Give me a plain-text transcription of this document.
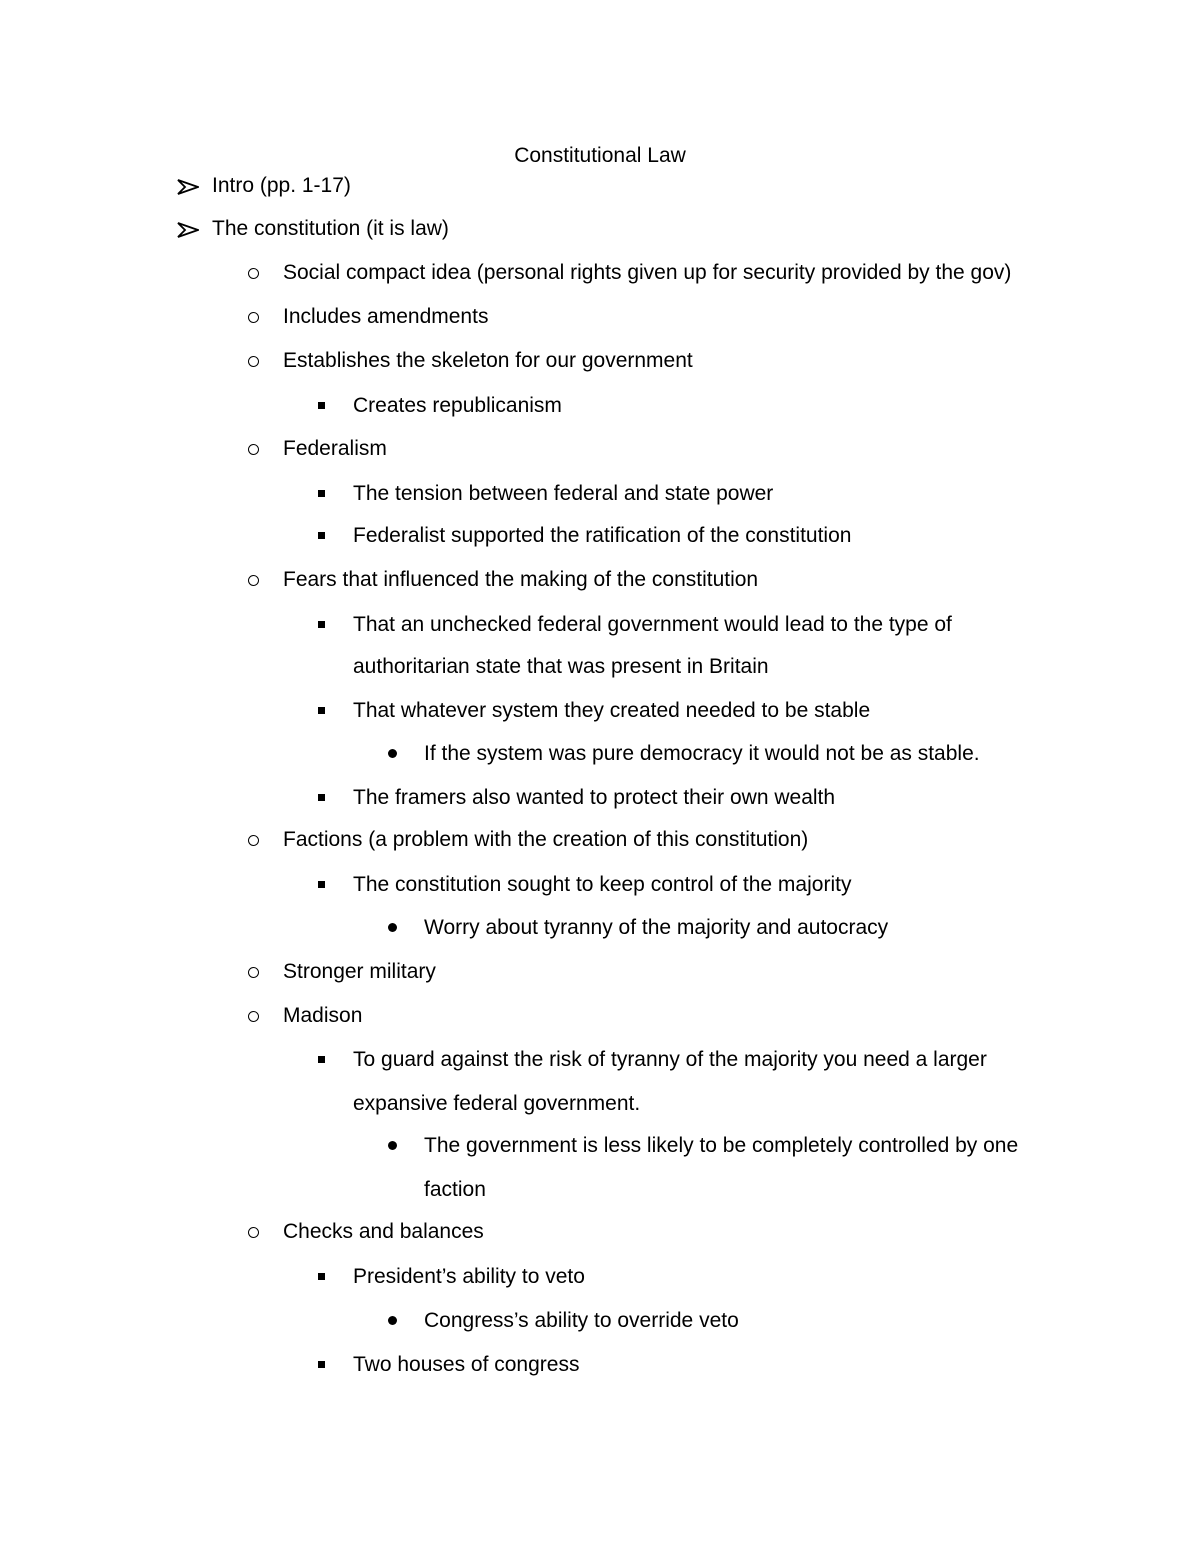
Constitutional Law
Intro (pp. 1-17)
The constitution (it is law)
Social compact idea (personal rights given up for security provided by the gov)
Includes amendments
Establishes the skeleton for our government
Creates republicanism
Federalism
The tension between federal and state power
Federalist supported the ratification of the constitution
Fears that influenced the making of the constitution
That an unchecked federal government would lead to the type of
authoritarian state that was present in Britain
That whatever system they created needed to be stable
If the system was pure democracy it would not be as stable.
The framers also wanted to protect their own wealth
Factions (a problem with the creation of this constitution)
The constitution sought to keep control of the majority
Worry about tyranny of the majority and autocracy
Stronger military
Madison
To guard against the risk of tyranny of the majority you need a larger
expansive federal government.
The government is less likely to be completely controlled by one
faction
Checks and balances
President’s ability to veto
Congress’s ability to override veto
Two houses of congress
